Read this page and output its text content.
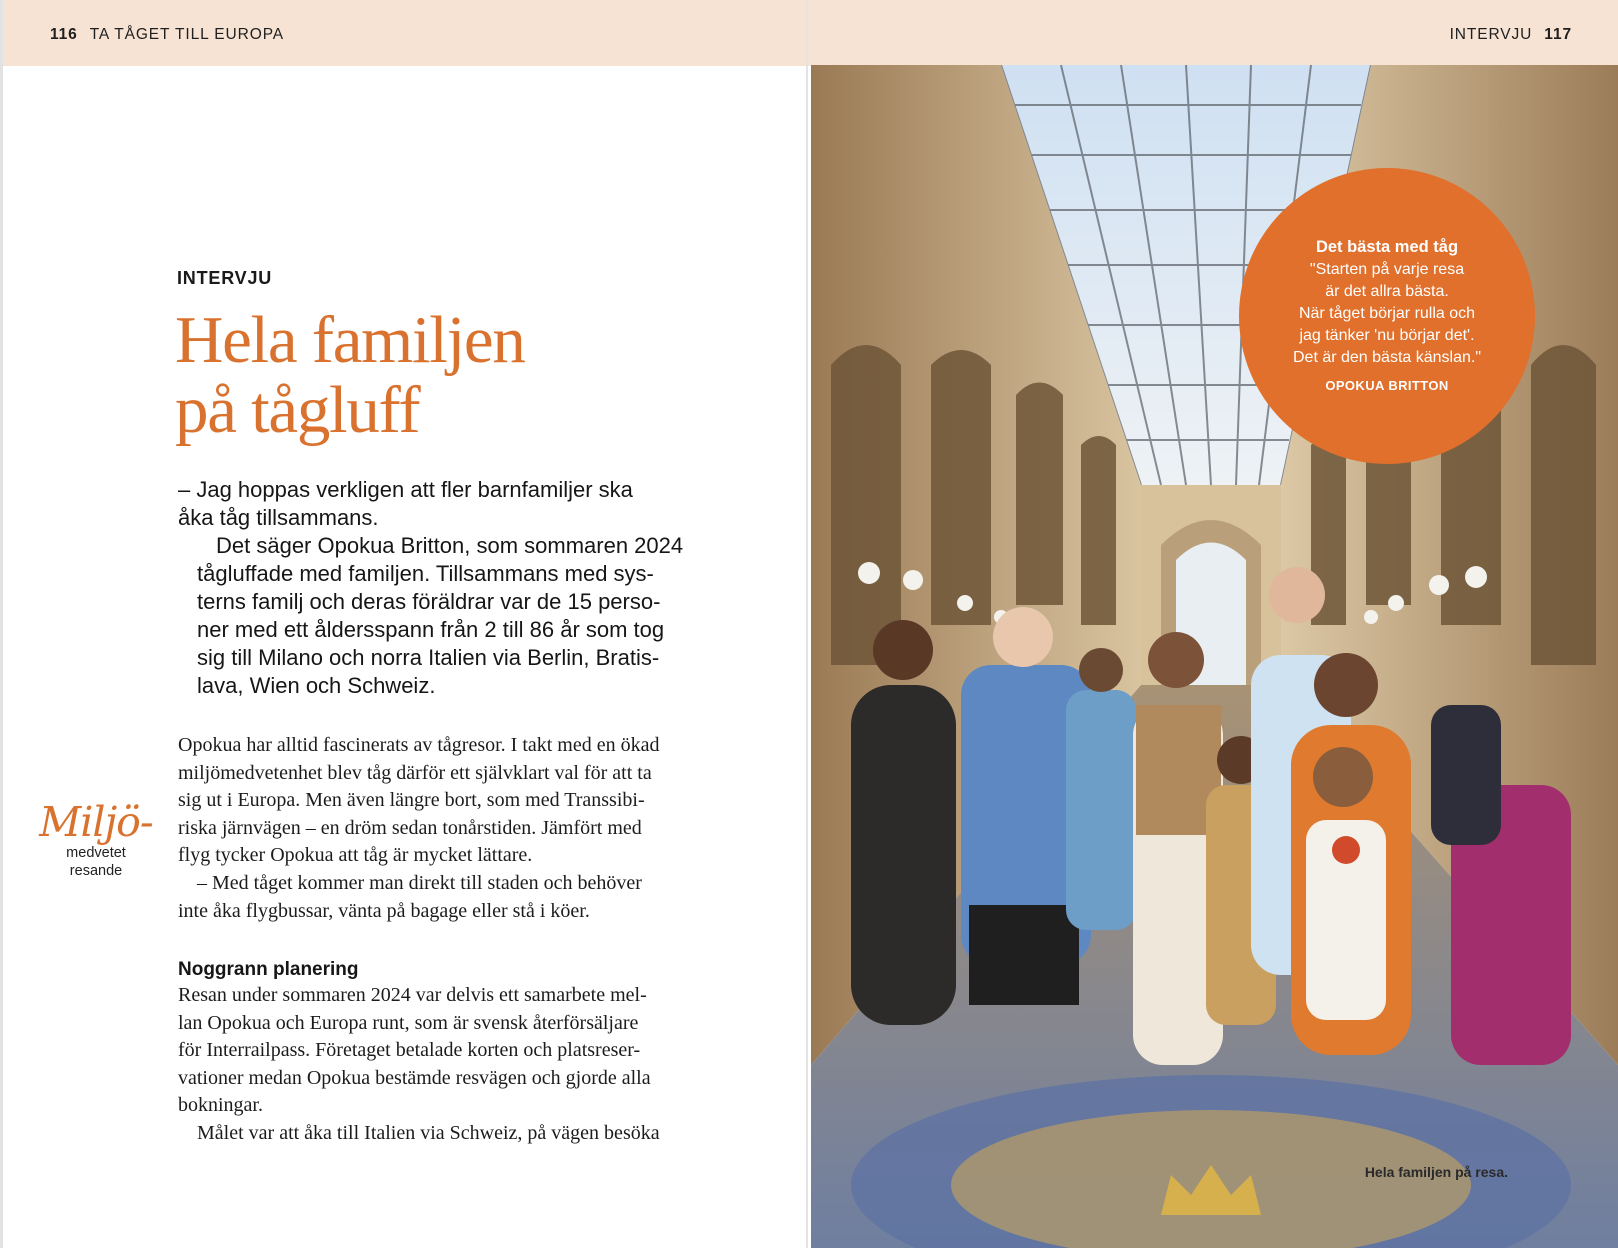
116 TA TÅGET TILL EUROPA
INTERVJU
Hela familjen
på tågluff

– Jag hoppas verkligen att fler barnfamiljer ska
åka tåg tillsammans.

Det säger Opokua Britton, som sommaren 2024
tågluffade med familjen. Tillsammans med sys-
terns familj och deras föräldrar var de 15 perso-
ner med ett åldersspann från 2 till 86 år som tog
sig till Milano och norra Italien via Berlin, Bratis-
lava, Wien och Schweiz.

Opokua har alltid fascinerats av tågresor. I takt med en ökad
miljömedvetenhet blev tåg därför ett självklart val för att ta
sig ut i Europa. Men även längre bort, som med Transsibi-
riska järnvägen – en dröm sedan tonårstiden. Jämfört med
flyg tycker Opokua att tåg är mycket lättare.
– Med tåget kommer man direkt till staden och behöver
inte åka flygbussar, vänta på bagage eller stå i köer.
Noggrann planering
Resan under sommaren 2024 var delvis ett samarbete mel-
lan Opokua och Europa runt, som är svensk återförsäljare
för Interrailpass. Företaget betalade korten och platsreser-
vationer medan Opokua bestämde resvägen och gjorde alla
bokningar.
Målet var att åka till Italien via Schweiz, på vägen besöka
Miljö-
medvetet
resande
INTERVJU 117
Det bästa med tåg
"Starten på varje resa
är det allra bästa.
När tåget börjar rulla och
jag tänker 'nu börjar det'.
Det är den bästa känslan."
OPOKUA BRITTON
Hela familjen på resa.
